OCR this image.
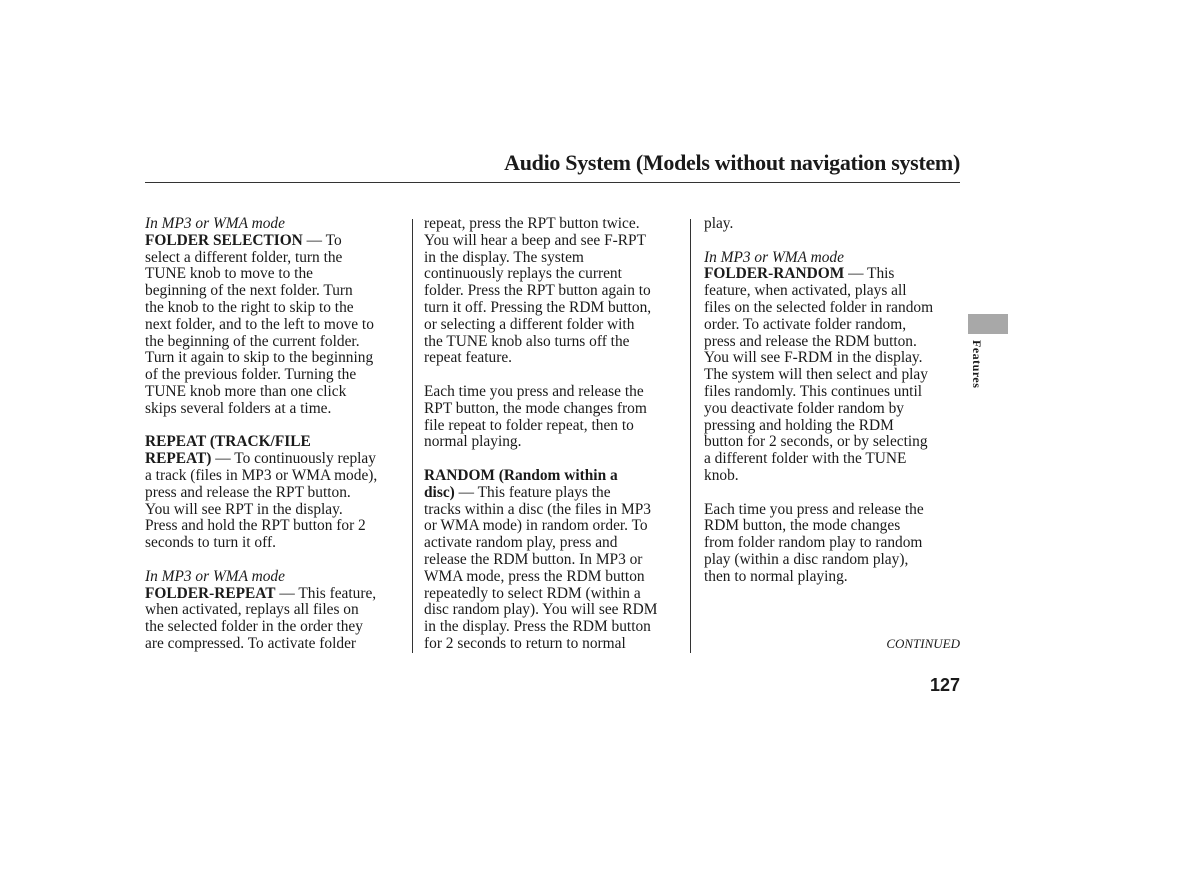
Audio System (Models without navigation system)
Features

In MP3 or WMA mode

FOLDER SELECTION — To

select a different folder, turn the

TUNE knob to move to the

beginning of the next folder. Turn

the knob to the right to skip to the

next folder, and to the left to move to

the beginning of the current folder.

Turn it again to skip to the beginning

of the previous folder. Turning the

TUNE knob more than one click

skips several folders at a time.

REPEAT (TRACK/FILE

REPEAT) — To continuously replay

a track (files in MP3 or WMA mode),

press and release the RPT button.

You will see RPT in the display.

Press and hold the RPT button for 2

seconds to turn it off.

In MP3 or WMA mode

FOLDER-REPEAT — This feature,

when activated, replays all files on

the selected folder in the order they

are compressed. To activate folder

repeat, press the RPT button twice.

You will hear a beep and see F-RPT

in the display. The system

continuously replays the current

folder. Press the RPT button again to

turn it off. Pressing the RDM button,

or selecting a different folder with

the TUNE knob also turns off the

repeat feature.

Each time you press and release the

RPT button, the mode changes from

file repeat to folder repeat, then to

normal playing.

RANDOM (Random within a

disc) — This feature plays the

tracks within a disc (the files in MP3

or WMA mode) in random order. To

activate random play, press and

release the RDM button. In MP3 or

WMA mode, press the RDM button

repeatedly to select RDM (within a

disc random play). You will see RDM

in the display. Press the RDM button

for 2 seconds to return to normal

play.

In MP3 or WMA mode

FOLDER-RANDOM — This

feature, when activated, plays all

files on the selected folder in random

order. To activate folder random,

press and release the RDM button.

You will see F-RDM in the display.

The system will then select and play

files randomly. This continues until

you deactivate folder random by

pressing and holding the RDM

button for 2 seconds, or by selecting

a different folder with the TUNE

knob.

Each time you press and release the

RDM button, the mode changes

from folder random play to random

play (within a disc random play),

then to normal playing.

CONTINUED
127
